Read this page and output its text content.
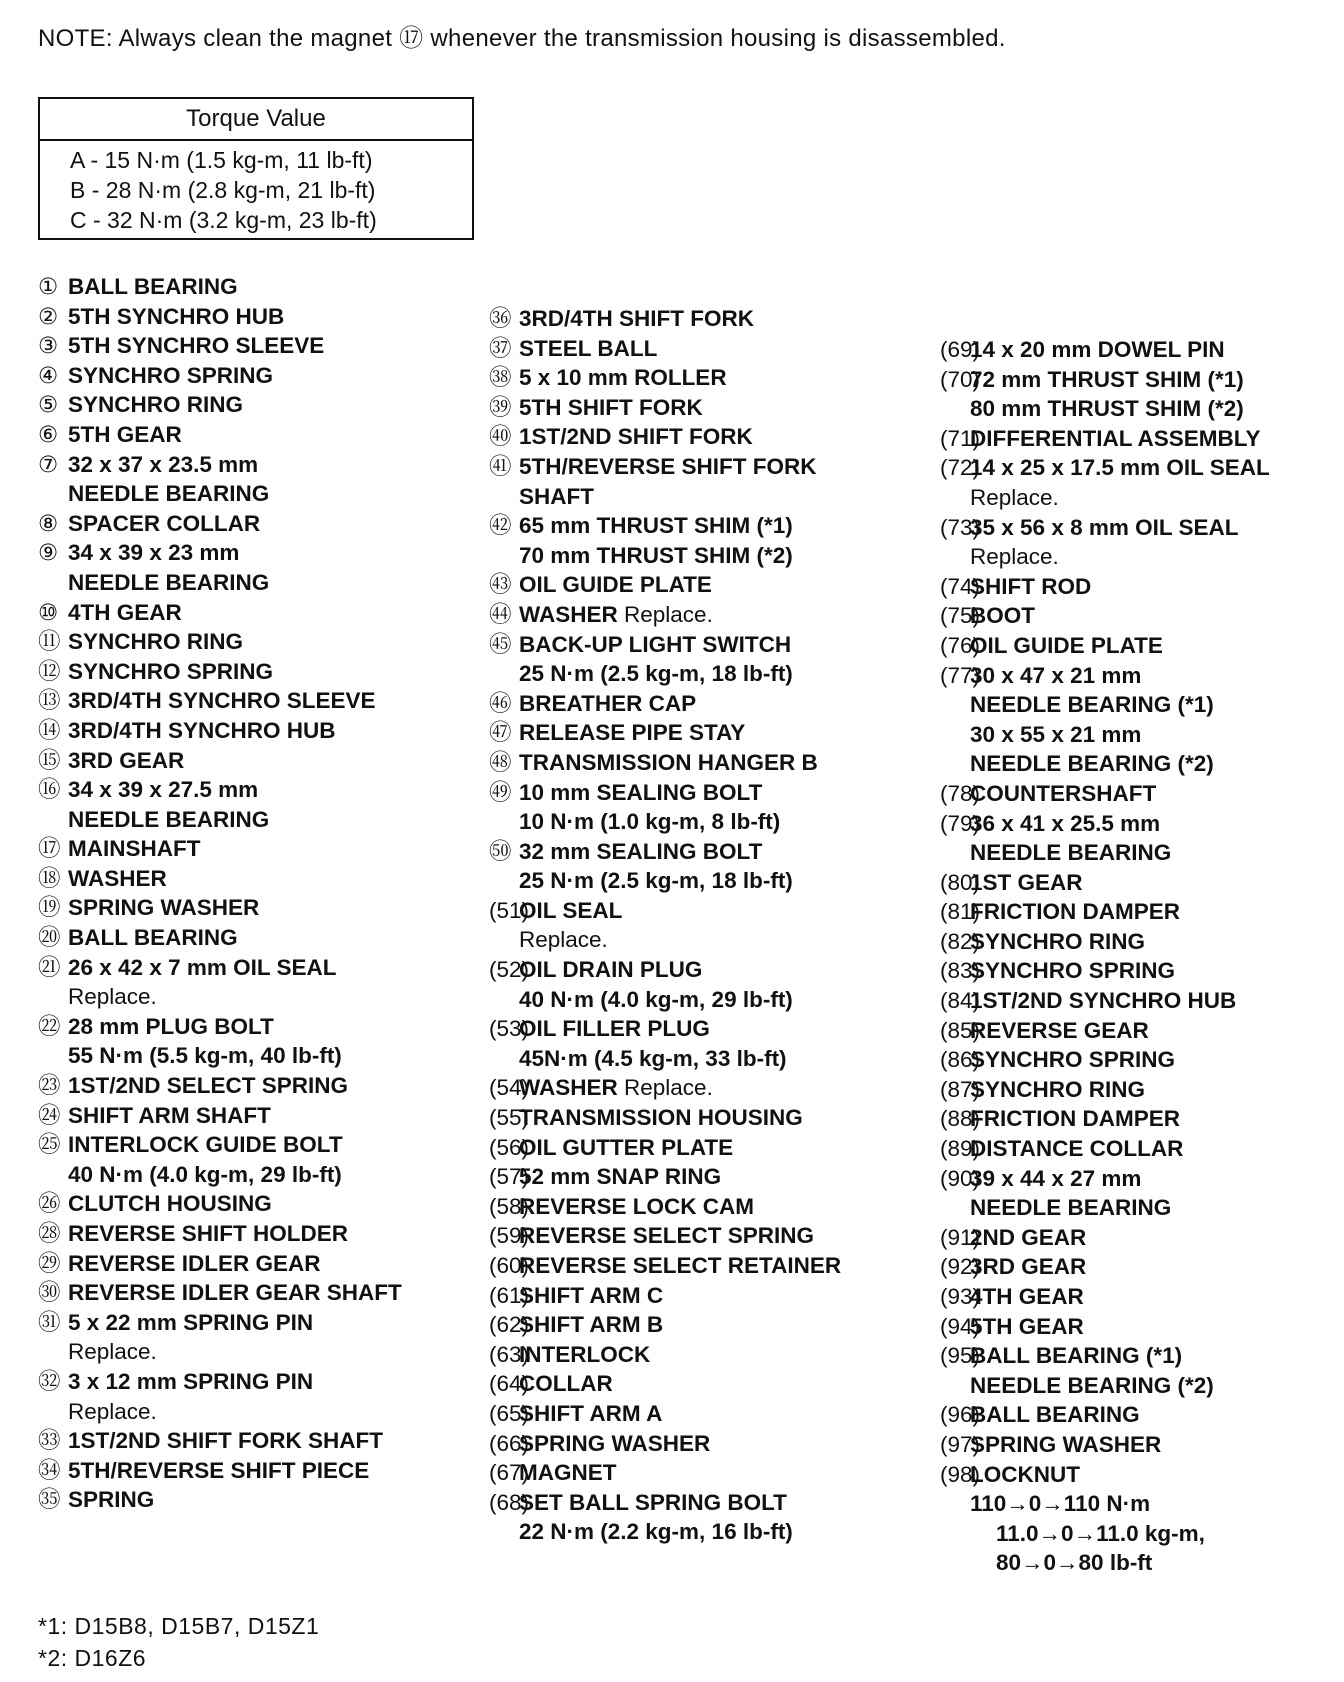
NOTE: Always clean the magnet ⑰ whenever the transmission housing is disassembled.
Torque Value
A - 15 N·m (1.5 kg-m, 11 lb-ft)
B - 28 N·m (2.8 kg-m, 21 lb-ft)
C - 32 N·m (3.2 kg-m, 23 lb-ft)
① BALL BEARING
② 5TH SYNCHRO HUB
③ 5TH SYNCHRO SLEEVE
④ SYNCHRO SPRING
⑤ SYNCHRO RING
⑥ 5TH GEAR
⑦ 32 x 37 x 23.5 mm
NEEDLE BEARING
⑧ SPACER COLLAR
⑨ 34 x 39 x 23 mm
NEEDLE BEARING
⑩ 4TH GEAR
⑪ SYNCHRO RING
⑫ SYNCHRO SPRING
⑬ 3RD/4TH SYNCHRO SLEEVE
⑭ 3RD/4TH SYNCHRO HUB
⑮ 3RD GEAR
⑯ 34 x 39 x 27.5 mm
NEEDLE BEARING
⑰ MAINSHAFT
⑱ WASHER
⑲ SPRING WASHER
⑳ BALL BEARING
㉑ 26 x 42 x 7 mm OIL SEAL
Replace.
㉒ 28 mm PLUG BOLT
55 N·m (5.5 kg-m, 40 lb-ft)
㉓ 1ST/2ND SELECT SPRING
㉔ SHIFT ARM SHAFT
㉕ INTERLOCK GUIDE BOLT
40 N·m (4.0 kg-m, 29 lb-ft)
㉖ CLUTCH HOUSING
㉘ REVERSE SHIFT HOLDER
㉙ REVERSE IDLER GEAR
㉚ REVERSE IDLER GEAR SHAFT
㉛ 5 x 22 mm SPRING PIN
Replace.
㉜ 3 x 12 mm SPRING PIN
Replace.
㉝ 1ST/2ND SHIFT FORK SHAFT
㉞ 5TH/REVERSE SHIFT PIECE
㉟ SPRING
㊱ 3RD/4TH SHIFT FORK
㊲ STEEL BALL
㊳ 5 x 10 mm ROLLER
㊴ 5TH SHIFT FORK
㊵ 1ST/2ND SHIFT FORK
㊶ 5TH/REVERSE SHIFT FORK
SHAFT
㊷ 65 mm THRUST SHIM (*1)
70 mm THRUST SHIM (*2)
㊸ OIL GUIDE PLATE
㊹ WASHER Replace.
㊺ BACK-UP LIGHT SWITCH
25 N·m (2.5 kg-m, 18 lb-ft)
㊻ BREATHER CAP
㊼ RELEASE PIPE STAY
㊽ TRANSMISSION HANGER B
㊾ 10 mm SEALING BOLT
10 N·m (1.0 kg-m, 8 lb-ft)
㊿ 32 mm SEALING BOLT
25 N·m (2.5 kg-m, 18 lb-ft)
(51)OIL SEAL
Replace.
(52)OIL DRAIN PLUG
40 N·m (4.0 kg-m, 29 lb-ft)
(53)OIL FILLER PLUG
45N·m (4.5 kg-m, 33 lb-ft)
(54)WASHER Replace.
(55)TRANSMISSION HOUSING
(56)OIL GUTTER PLATE
(57)52 mm SNAP RING
(58)REVERSE LOCK CAM
(59)REVERSE SELECT SPRING
(60)REVERSE SELECT RETAINER
(61)SHIFT ARM C
(62)SHIFT ARM B
(63)INTERLOCK
(64)COLLAR
(65)SHIFT ARM A
(66)SPRING WASHER
(67)MAGNET
(68)SET BALL SPRING BOLT
22 N·m (2.2 kg-m, 16 lb-ft)
(69)14 x 20 mm DOWEL PIN
(70)72 mm THRUST SHIM (*1)
80 mm THRUST SHIM (*2)
(71)DIFFERENTIAL ASSEMBLY
(72)14 x 25 x 17.5 mm OIL SEAL
Replace.
(73)35 x 56 x 8 mm OIL SEAL
Replace.
(74)SHIFT ROD
(75)BOOT
(76)OIL GUIDE PLATE
(77)30 x 47 x 21 mm
NEEDLE BEARING (*1)
30 x 55 x 21 mm
NEEDLE BEARING (*2)
(78)COUNTERSHAFT
(79)36 x 41 x 25.5 mm
NEEDLE BEARING
(80)1ST GEAR
(81)FRICTION DAMPER
(82)SYNCHRO RING
(83)SYNCHRO SPRING
(84)1ST/2ND SYNCHRO HUB
(85)REVERSE GEAR
(86)SYNCHRO SPRING
(87)SYNCHRO RING
(88)FRICTION DAMPER
(89)DISTANCE COLLAR
(90)39 x 44 x 27 mm
NEEDLE BEARING
(91)2ND GEAR
(92)3RD GEAR
(93)4TH GEAR
(94)5TH GEAR
(95)BALL BEARING (*1)
NEEDLE BEARING (*2)
(96)BALL BEARING
(97)SPRING WASHER
(98)LOCKNUT
110→0→110 N·m
11.0→0→11.0 kg-m,
80→0→80 lb-ft
*1: D15B8, D15B7, D15Z1
*2: D16Z6
